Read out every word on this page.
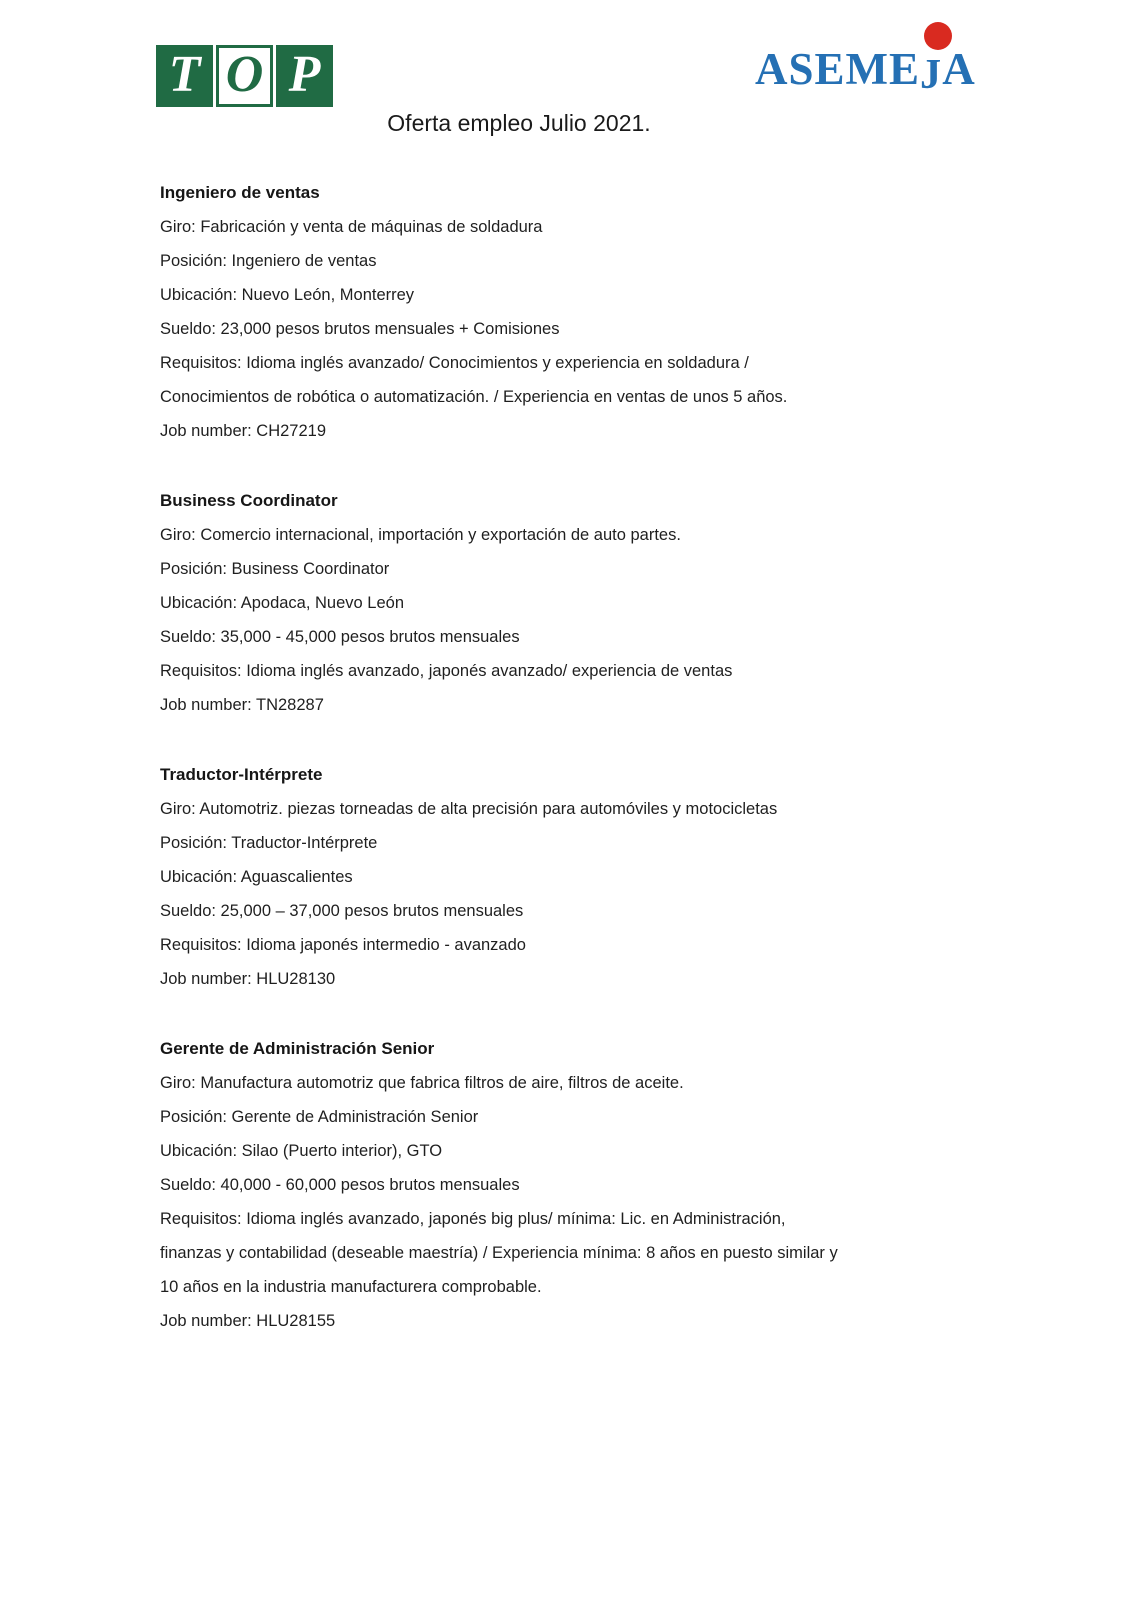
T O P	ASEME
JA
Oferta empleo Julio 2021.
Ingeniero de ventas

Giro: Fabricación y venta de máquinas de soldadura

Posición: Ingeniero de ventas

Ubicación: Nuevo León, Monterrey

Sueldo: 23,000 pesos brutos mensuales + Comisiones

Requisitos: Idioma inglés avanzado/ Conocimientos y experiencia en soldadura /

Conocimientos de robótica o automatización. / Experiencia en ventas de unos 5 años.

Job number: CH27219

Business Coordinator

Giro: Comercio internacional, importación y exportación de auto partes.

Posición: Business Coordinator

Ubicación: Apodaca, Nuevo León

Sueldo: 35,000 - 45,000 pesos brutos mensuales

Requisitos: Idioma inglés avanzado, japonés avanzado/ experiencia de ventas

Job number: TN28287

Traductor-Intérprete

Giro: Automotriz. piezas torneadas de alta precisión para automóviles y motocicletas

Posición: Traductor-Intérprete

Ubicación: Aguascalientes

Sueldo: 25,000 – 37,000 pesos brutos mensuales

Requisitos: Idioma japonés intermedio - avanzado

Job number: HLU28130

Gerente de Administración Senior

Giro: Manufactura automotriz que fabrica filtros de aire, filtros de aceite.

Posición: Gerente de Administración Senior

Ubicación: Silao (Puerto interior), GTO

Sueldo: 40,000 - 60,000 pesos brutos mensuales

Requisitos: Idioma inglés avanzado, japonés big plus/ mínima: Lic. en Administración,

finanzas y contabilidad (deseable maestría) / Experiencia mínima: 8 años en puesto similar y

10 años en la industria manufacturera comprobable.

Job number: HLU28155
